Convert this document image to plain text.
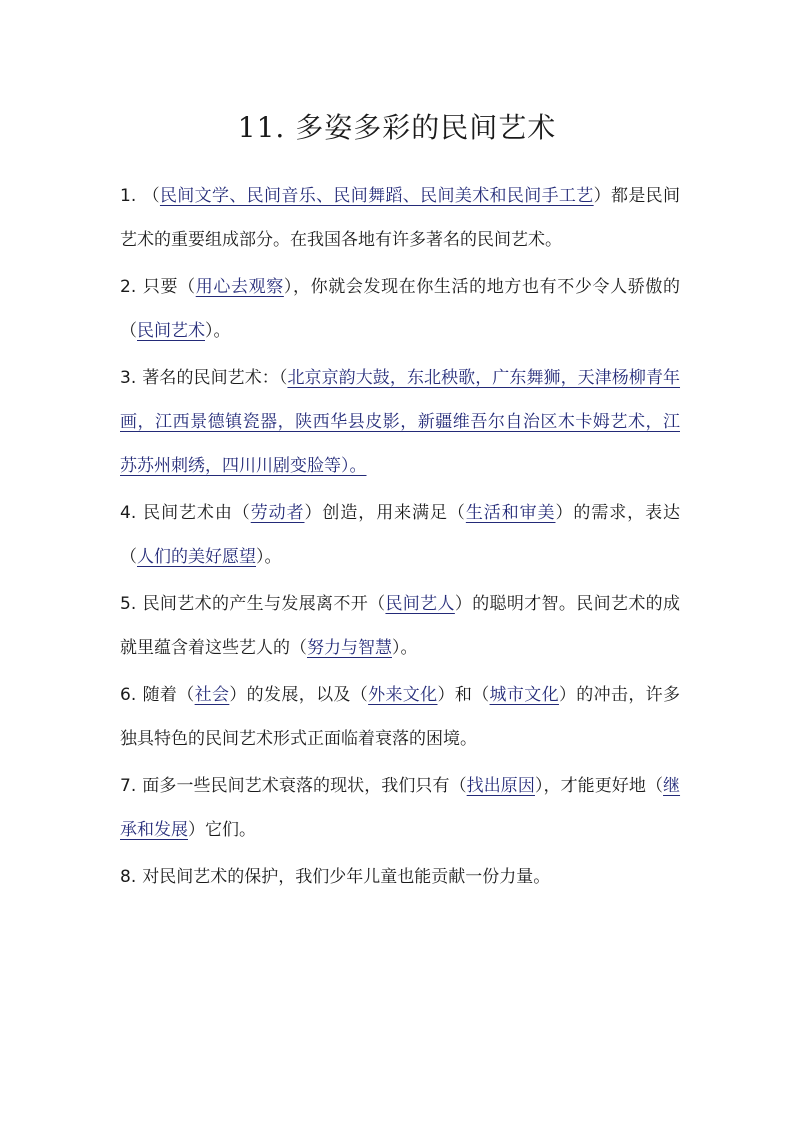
11. 多姿多彩的民间艺术
1. （民间文学、民间音乐、民间舞蹈、民间美术和民间手工艺）都是民间艺术的重要组成部分。在我国各地有许多著名的民间艺术。
2. 只要（用心去观察），你就会发现在你生活的地方也有不少令人骄傲的（民间艺术）。
3. 著名的民间艺术：（北京京韵大鼓，东北秧歌，广东舞狮，天津杨柳青年画，江西景德镇瓷器，陕西华县皮影，新疆维吾尔自治区木卡姆艺术，江苏苏州刺绣，四川川剧变脸等）。
4. 民间艺术由（劳动者）创造，用来满足（生活和审美）的需求，表达（人们的美好愿望）。
5. 民间艺术的产生与发展离不开（民间艺人）的聪明才智。民间艺术的成就里蕴含着这些艺人的（努力与智慧）。
6. 随着（社会）的发展，以及（外来文化）和（城市文化）的冲击，许多独具特色的民间艺术形式正面临着衰落的困境。
7. 面多一些民间艺术衰落的现状，我们只有（找出原因），才能更好地（继承和发展）它们。
8. 对民间艺术的保护，我们少年儿童也能贡献一份力量。
